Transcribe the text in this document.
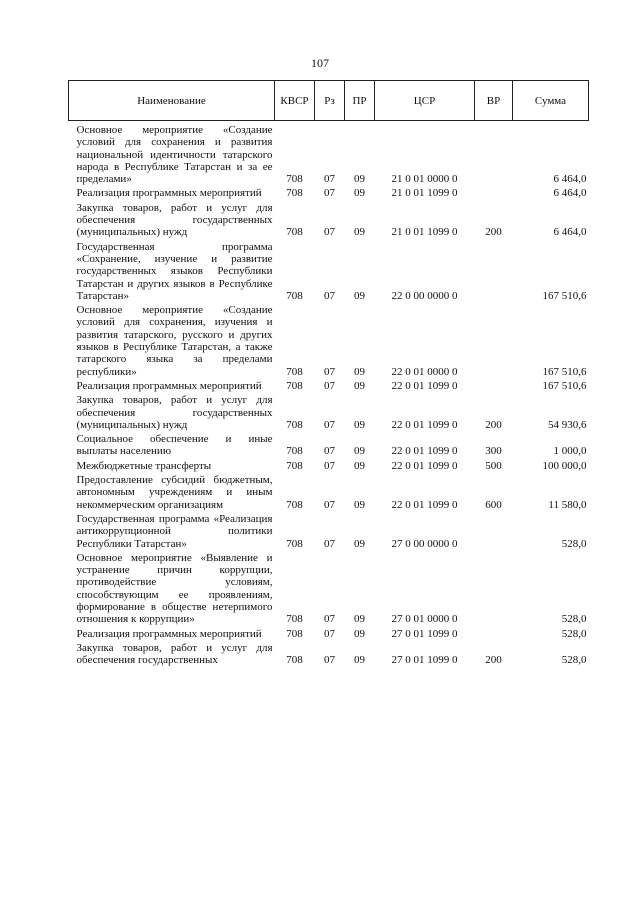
107
Наименование	КВСР	Рз	ПР	ЦСР	ВР	Сумма
Основное мероприятие «Создание условий для сохранения и развития национальной идентичности татарского народа в Республике Татарстан и за ее пределами»	708	07	09	21 0 01 0000 0		6 464,0
Реализация программных мероприятий	708	07	09	21 0 01 1099 0		6 464,0
Закупка товаров, работ и услуг для обеспечения государственных (муниципальных) нужд	708	07	09	21 0 01 1099 0	200	6 464,0
Государственная программа «Сохранение, изучение и развитие государственных языков Республики Татарстан и других языков в Республике Татарстан»	708	07	09	22 0 00 0000 0		167 510,6
Основное мероприятие «Создание условий для сохранения, изучения и развития татарского, русского и других языков в Республике Татарстан, а также татарского языка за пределами республики»	708	07	09	22 0 01 0000 0		167 510,6
Реализация программных мероприятий	708	07	09	22 0 01 1099 0		167 510,6
Закупка товаров, работ и услуг для обеспечения государственных (муниципальных) нужд	708	07	09	22 0 01 1099 0	200	54 930,6
Социальное обеспечение и иные выплаты населению	708	07	09	22 0 01 1099 0	300	1 000,0
Межбюджетные трансферты	708	07	09	22 0 01 1099 0	500	100 000,0
Предоставление субсидий бюджетным, автономным учреждениям и иным некоммерческим организациям	708	07	09	22 0 01 1099 0	600	11 580,0
Государственная программа «Реализация антикоррупционной политики Республики Татарстан»	708	07	09	27 0 00 0000 0		528,0
Основное мероприятие «Выявление и устранение причин коррупции, противодействие условиям, способствующим ее проявлениям, формирование в обществе нетерпимого отношения к коррупции»	708	07	09	27 0 01 0000 0		528,0
Реализация программных мероприятий	708	07	09	27 0 01 1099 0		528,0
Закупка товаров, работ и услуг для обеспечения государственных	708	07	09	27 0 01 1099 0	200	528,0
